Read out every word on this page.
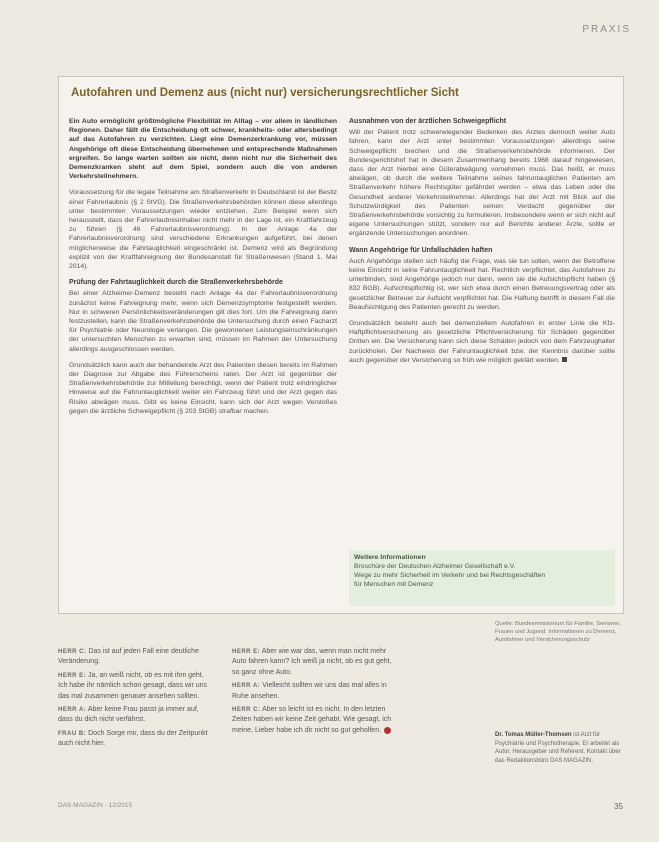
PRAXIS
Autofahren und Demenz aus (nicht nur) versicherungsrechtlicher Sicht

Ein Auto ermöglicht größtmögliche Flexibilität im Alltag – vor allem in ländlichen Regionen. Daher fällt die Entscheidung oft schwer, krankheits- oder altersbedingt auf das Autofahren zu verzichten. Liegt eine Demenzerkrankung vor, müssen Angehörige oft diese Entscheidung übernehmen und entsprechende Maßnahmen ergreifen. So lange warten sollten sie nicht, denn nicht nur die Sicherheit des Demenzkranken steht auf dem Spiel, sondern auch die von anderen Verkehrsteilnehmern.

Voraussetzung für die legale Teilnahme am Straßenverkehr in Deutschland ist der Besitz einer Fahrerlaubnis (§ 2 StVG). Die Straßenverkehrsbehörden können diese allerdings unter bestimmten Voraussetzungen wieder entziehen. Zum Beispiel wenn sich herausstellt, dass der Fahrerlaubnisinhaber nicht mehr in der Lage ist, ein Kraftfahrzeug zu führen (§ 46 Fahrerlaubnisverordnung). In der Anlage 4a der Fahrerlaubnisverordnung sind verschiedene Erkrankungen aufgeführt, bei denen möglicherweise die Fahrtauglichkeit eingeschränkt ist. Demenz wird als Begründung explizit von der Kraftfahreignung der Bundesanstalt für Straßenwesen (Stand 1. Mai 2014).

Prüfung der Fahrtauglichkeit durch die Straßenverkehrsbehörde

Bei einer Alzheimer-Demenz besteht nach Anlage 4a der Fahrerlaubnisverordnung zunächst keine Fahreignung mehr, wenn sich Demenzsymptome festgestellt werden. Nur in schweren Persönlichkeitsveränderungen gilt dies fort. Um die Fahreignung dann festzustellen, kann die Straßenverkehrsbehörde die Untersuchung durch einen Facharzt für Psychiatrie oder Neurologie verlangen. Die gewonnenen Leistungseinschränkungen der untersuchten Menschen zu erwarten sind, müssen im Rahmen der Untersuchung allerdings ausgeschlossen werden.

Grundsätzlich kann auch der behandelnde Arzt des Patienten diesen bereits im Rahmen der Diagnose zur Abgabe des Führerscheins raten. Der Arzt ist gegenüber der Straßenverkehrsbehörde zur Mitteilung berechtigt, wenn der Patient trotz eindringlicher Hinweise auf die Fahruntauglichkeit weiter ein Fahrzeug führt und der Arzt gegen das Risiko abwägen muss. Gibt es keine Einsicht, kann sich der Arzt wegen Verstoßes gegen die ärztliche Schweigepflicht (§ 203 StGB) strafbar machen.

Ausnahmen von der ärztlichen Schweigepflicht

Will der Patient trotz schwerwiegender Bedenken des Arztes dennoch weiter Auto fahren, kann der Arzt unter bestimmten Voraussetzungen allerdings seine Schweigepflicht brechen und die Straßenverkehrsbehörde informieren. Der Bundesgerichtshof hat in diesem Zusammenhang bereits 1968 darauf hingewiesen, dass der Arzt hierbei eine Güterabwägung vornehmen muss. Das heißt, er muss abwägen, ob durch die weitere Teilnahme seines fahruntauglichen Patienten am Straßenverkehr höhere Rechtsgüter gefährdet werden – etwa das Leben oder die Gesundheit anderer Verkehrsteilnehmer. Allerdings hat der Arzt mit Blick auf die Schutzwürdigkeit des Patienten seinen Verdacht gegenüber der Straßenverkehrsbehörde vorsichtig zu formulieren. Insbesondere wenn er sich nicht auf eigene Untersuchungen stützt, sondern nur auf Berichte anderer Ärzte, sollte er ergänzende Untersuchungen anordnen.

Wann Angehörige für Unfallschäden haften

Auch Angehörige stellen sich häufig die Frage, was sie tun sollen, wenn der Betroffene keine Einsicht in seine Fahruntauglichkeit hat. Rechtlich verpflichtet, das Autofahren zu unterbinden, sind Angehörige jedoch nur dann, wenn sie die Aufsichtspflicht haben (§ 832 BGB). Aufsichtspflichtig ist, wer sich etwa durch einen Betreuungsvertrag oder als gesetzlicher Betreuer zur Aufsicht verpflichtet hat. Die Haftung betrifft in diesem Fall die Beaufsichtigung des Patienten gerecht zu werden.

Grundsätzlich besteht auch bei demenziellem Autofahren in erster Linie die Kfz-Haftpflichtversicherung als gesetzliche Pflichtversicherung für Schäden gegenüber Dritten ein. Die Versicherung kann sich diese Schäden jedoch von dem Fahrzeughalter zurückholen. Der Nachweis der Fahruntauglichkeit bzw. der Kenntnis darüber sollte auch gegenüber der Versicherung so früh wie möglich geklärt werden.

Weitere Informationen
Broschüre der Deutschen Alzheimer Gesellschaft e.V.
Wege zu mehr Sicherheit im Verkehr und bei Rechtsgeschäften
für Menschen mit Demenz
Quelle: Bundesministerium für Familie, Senioren, Frauen und Jugend. Informationen zu Demenz, Autofahren und Versicherungsschutz

HERR C: Das ist auf jeden Fall eine deutliche Veränderung.

HERR E: Ja, an weiß nicht, ob es mit ihm geht. Ich habe ihr nämlich schon gesagt, dass wir uns das mal zusammen genauer ansehen sollten.

HERR A: Aber keine Frau passt ja immer auf, dass du dich nicht verfährst.

FRAU B: Doch Sorge mir, dass du der Zeitpunkt auch nicht hier.

HERR E: Aber wie war das, wenn man nicht mehr Auto fahren kann? Ich weiß ja nicht, ob es gut geht, so ganz ohne Auto.

HERR A: Vielleicht sollten wir uns das mal alles in Ruhe ansehen.

HERR C: Aber so leicht ist es nicht. In den letzten Zeiten haben wir keine Zeit gehabt. Wie gesagt, ich meine, Lieber habe ich dir nicht so gut geholfen.

Dr. Tomas Müller-Thomsen ist Arzt für Psychiatrie und Psychotherapie. Er arbeitet als Autor, Herausgeber und Referent. Kontakt über das Redaktionsbüro DAS MAGAZIN.
DAS MAGAZIN · 12/2015	35
